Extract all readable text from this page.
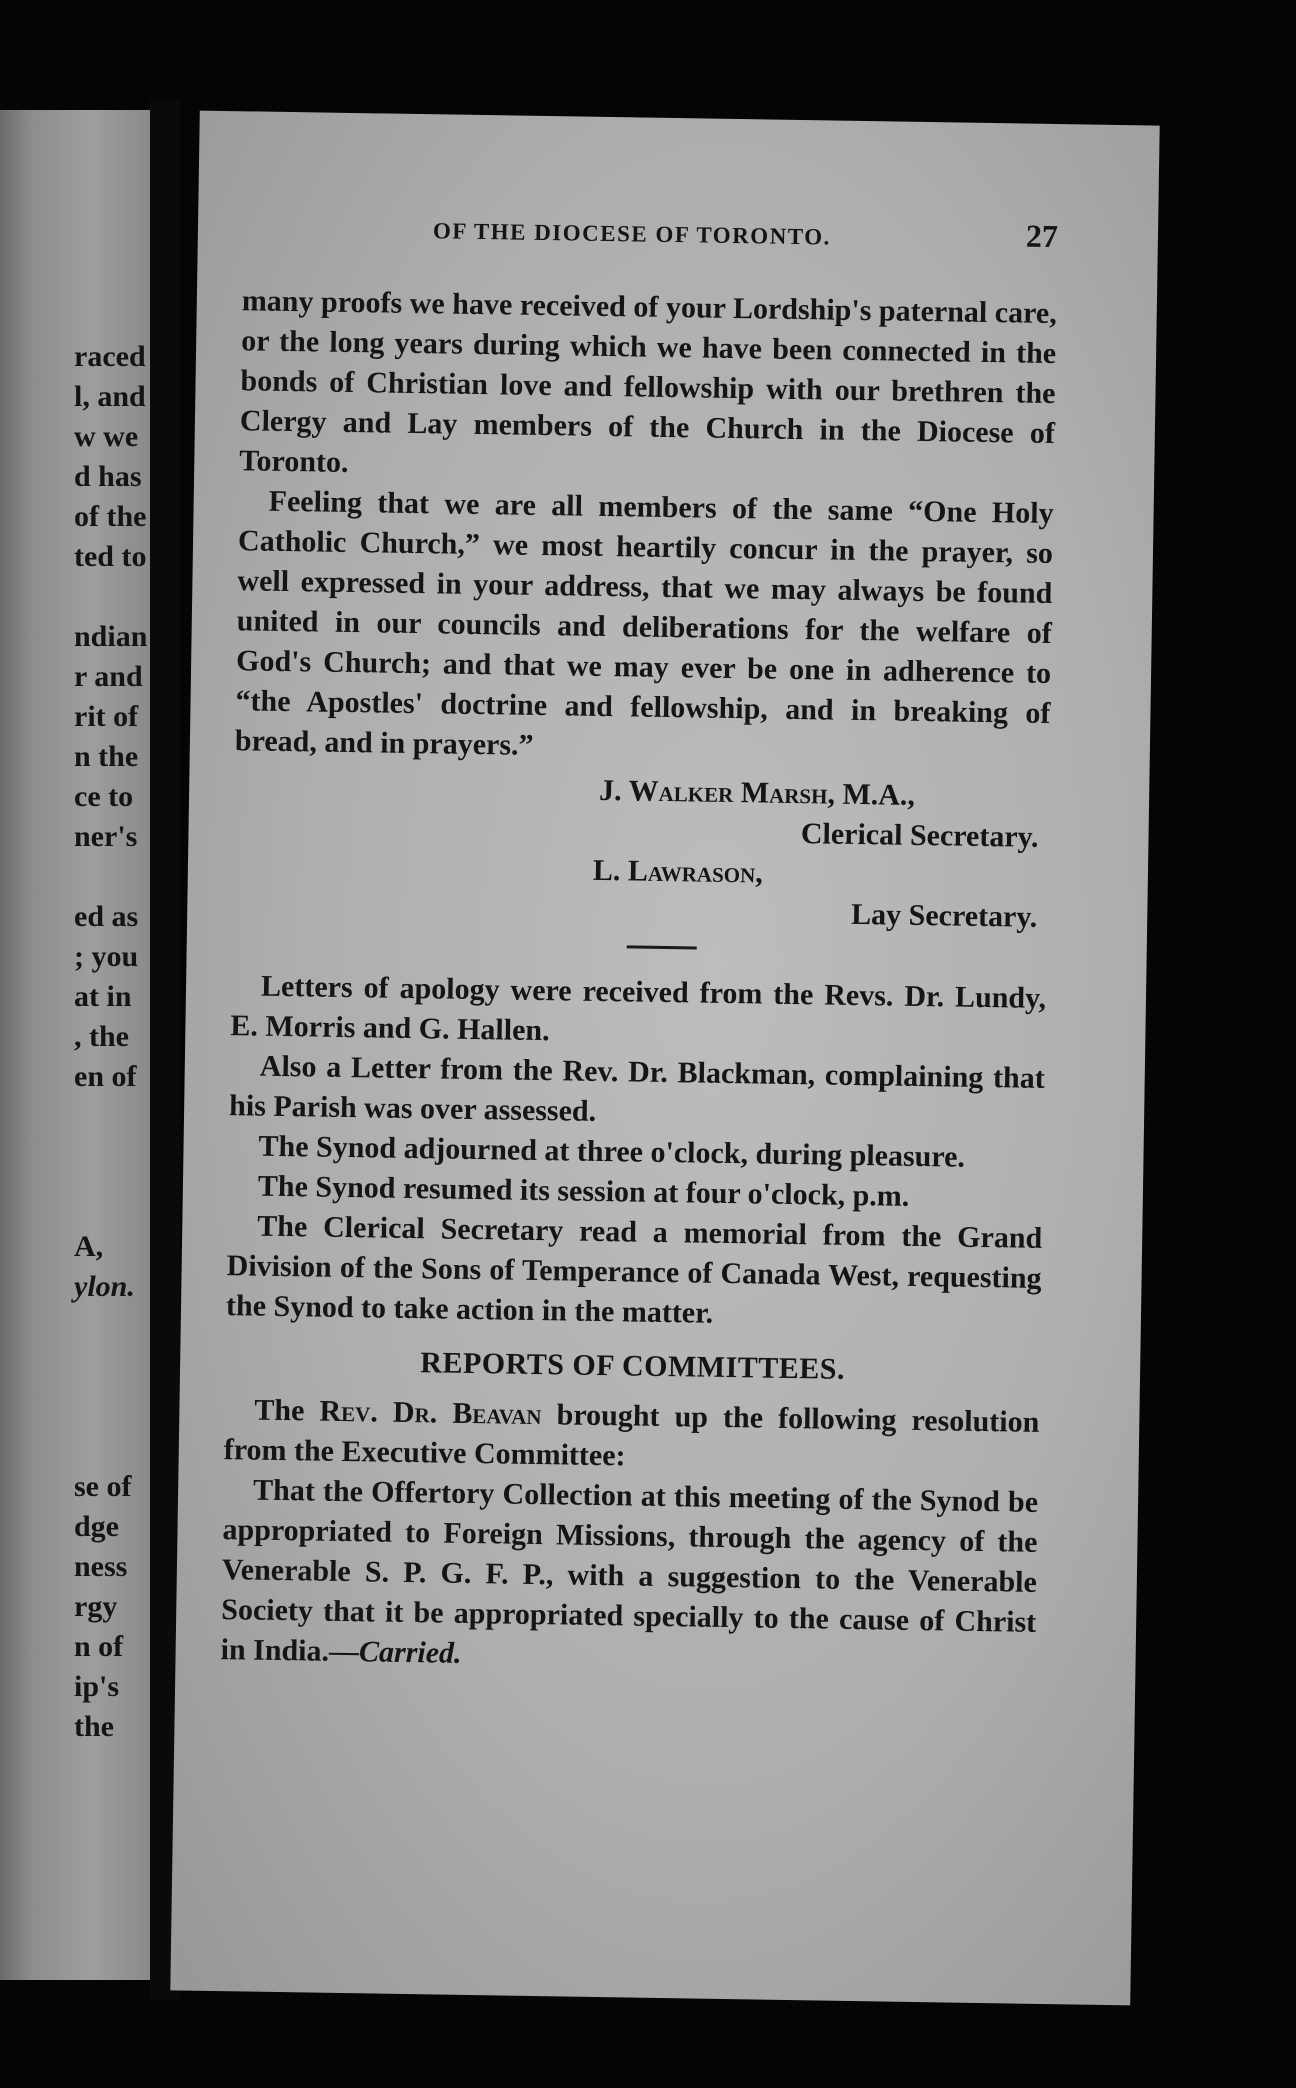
raced
l, and
w we
d has
of the
ted to
ndian
r and
rit of
n the
ce to
ner's
ed as
; you
at in
, the
en of
A,
ylon.
se of
dge
ness
rgy
n of
ip's
the
OF THE DIOCESE OF TORONTO.	27

many proofs we have received of your Lordship's paternal care, or the long years during which we have been connected in the bonds of Christian love and fellowship with our brethren the Clergy and Lay members of the Church in the Diocese of Toronto.

Feeling that we are all members of the same “One Holy Catholic Church,” we most heartily concur in the prayer, so well expressed in your address, that we may always be found united in our councils and deliberations for the welfare of God's Church; and that we may ever be one in adherence to “the Apostles' doctrine and fellowship, and in breaking of bread, and in prayers.”

J. Walker Marsh, M.A.,
Clerical Secretary.
L. Lawrason,
Lay Secretary.

Letters of apology were received from the Revs. Dr. Lundy, E. Morris and G. Hallen.

Also a Letter from the Rev. Dr. Blackman, complaining that his Parish was over assessed.

The Synod adjourned at three o'clock, during pleasure.

The Synod resumed its session at four o'clock, p.m.

The Clerical Secretary read a memorial from the Grand Division of the Sons of Temperance of Canada West, requesting the Synod to take action in the matter.

REPORTS OF COMMITTEES.

The Rev. Dr. Beavan brought up the following resolution from the Executive Committee:

That the Offertory Collection at this meeting of the Synod be appropriated to Foreign Missions, through the agency of the Venerable S. P. G. F. P., with a suggestion to the Venerable Society that it be appropriated specially to the cause of Christ in India.—Carried.
